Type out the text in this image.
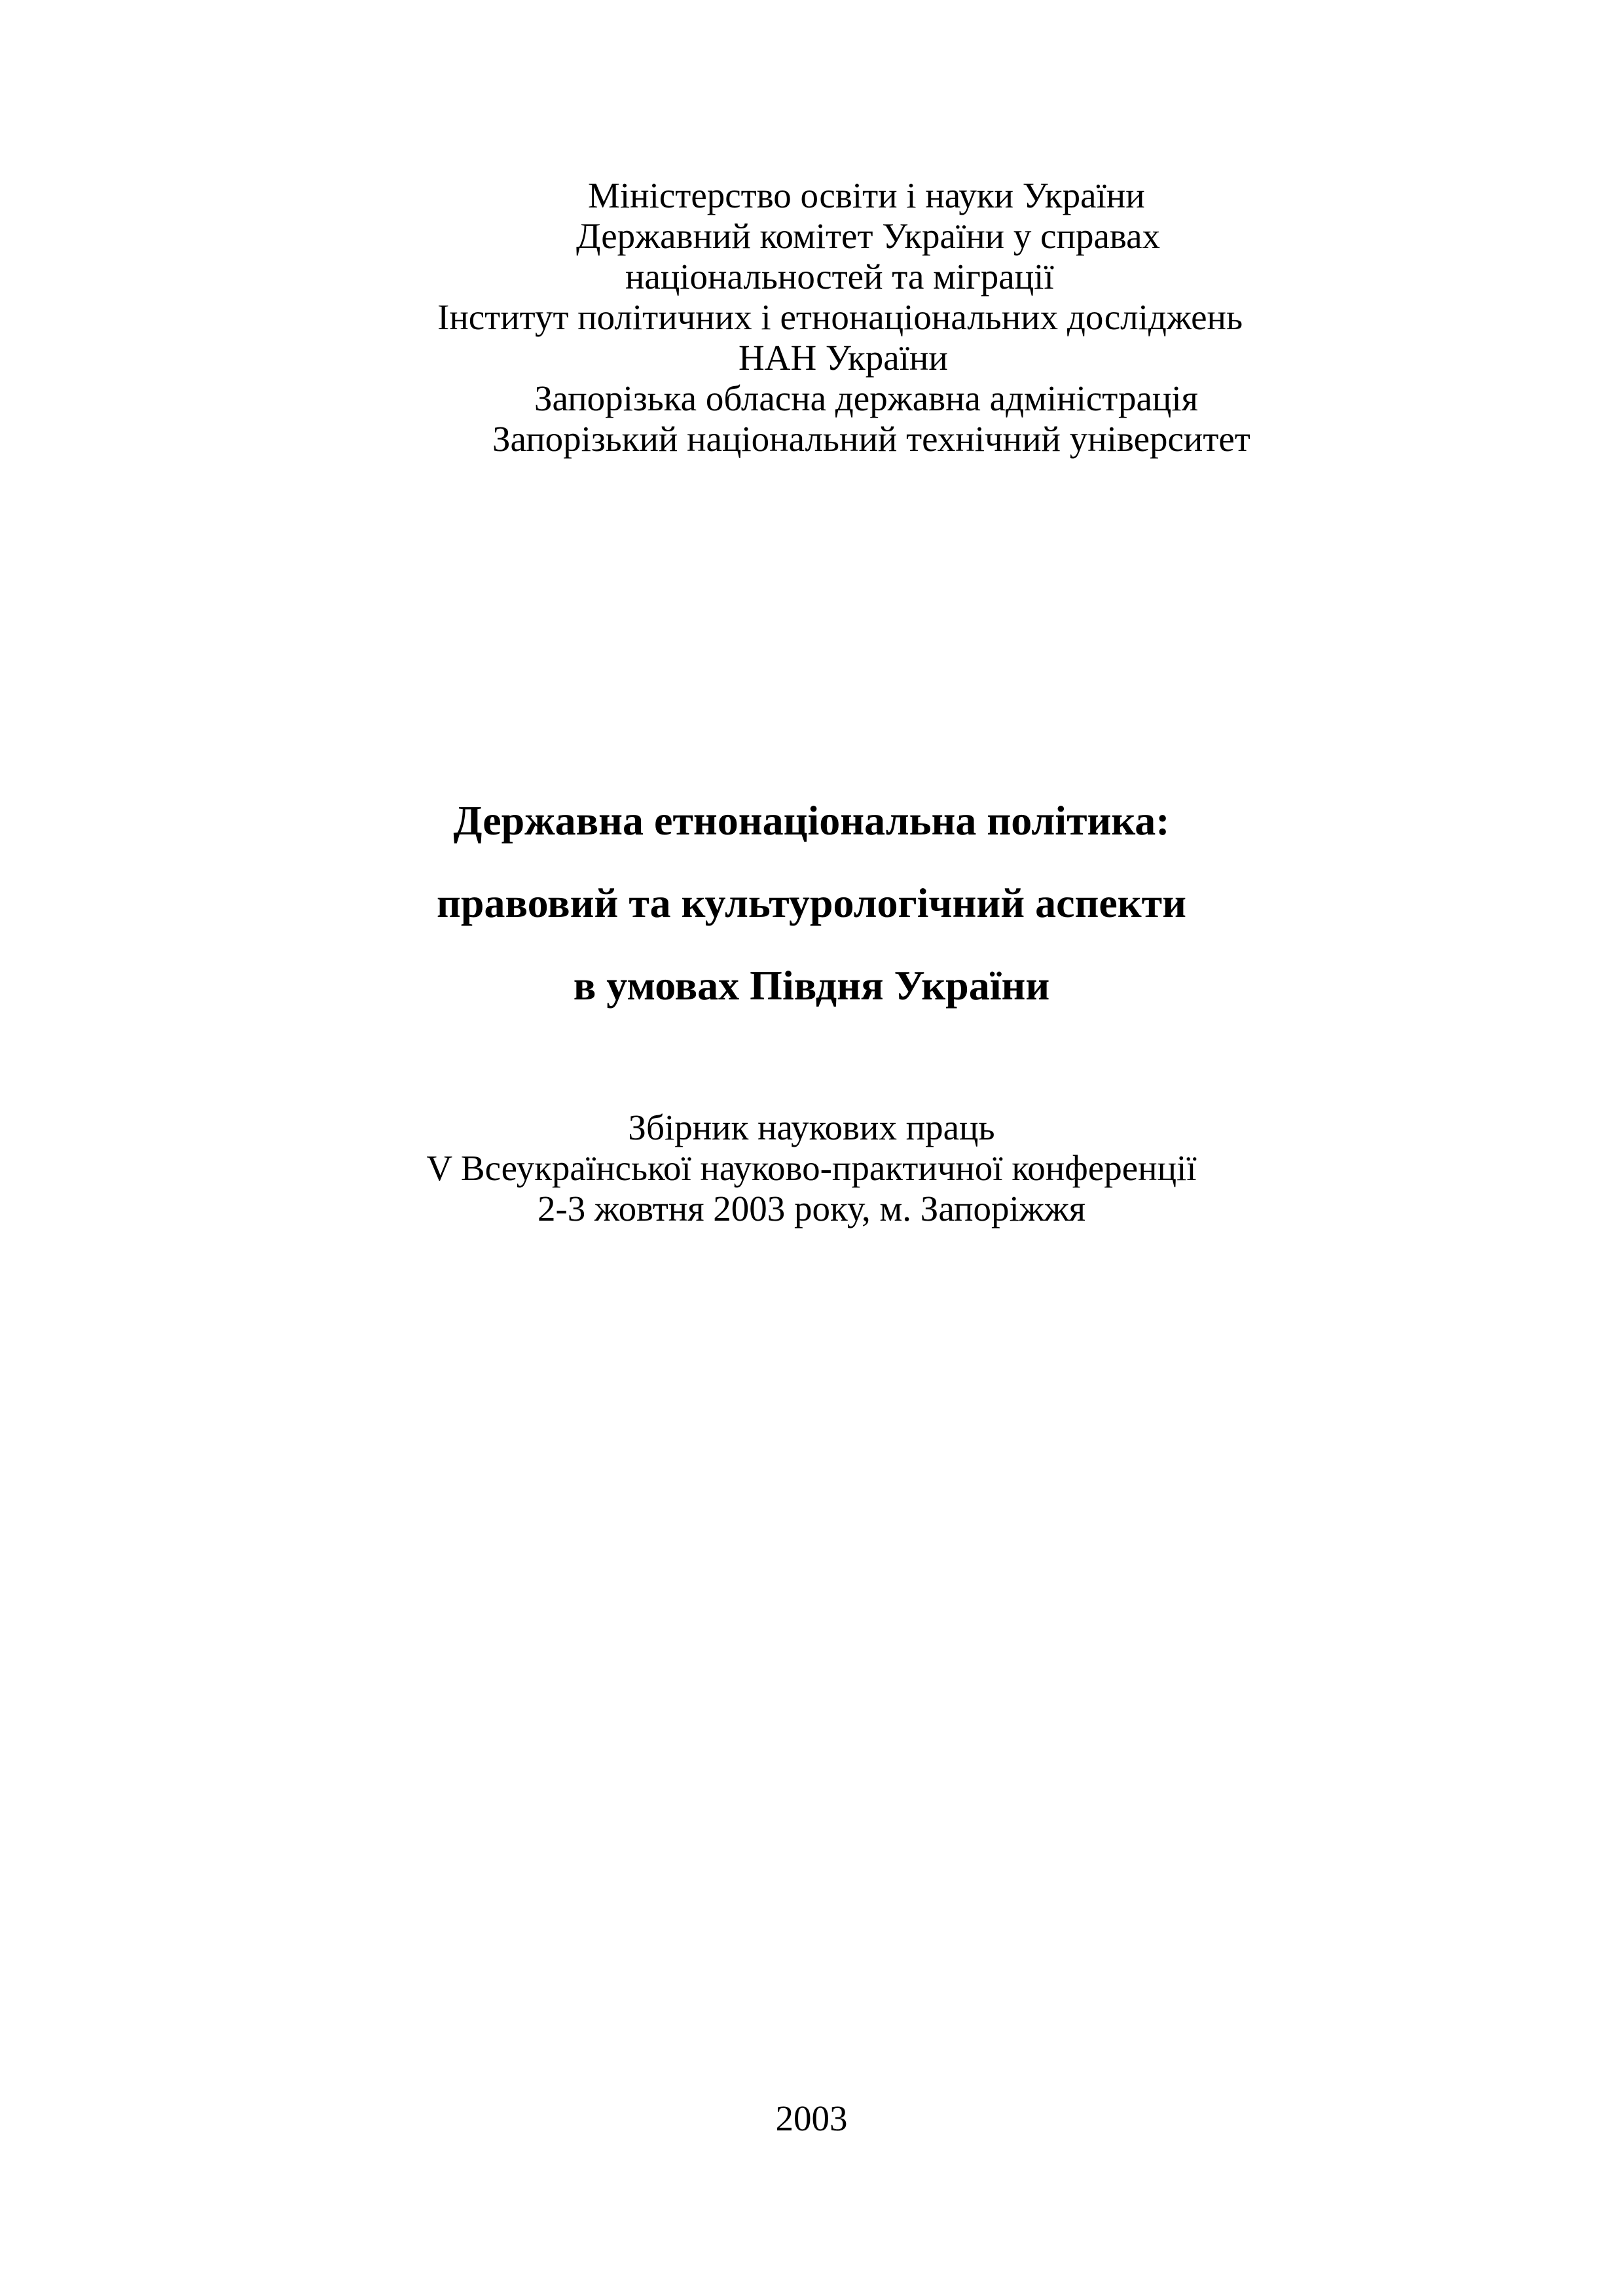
Міністерство освіти і науки України
Державний комітет України у справах
національностей та міграції
Інститут політичних і етнонаціональних досліджень
НАН України
Запорізька обласна державна адміністрація
Запорізький національний технічний університет
Державна етнонаціональна політика:
правовий та культурологічний аспекти
в умовах Півдня України
Збірник наукових праць
V Всеукраїнської науково-практичної конференції
2-3 жовтня 2003 року, м. Запоріжжя
2003
